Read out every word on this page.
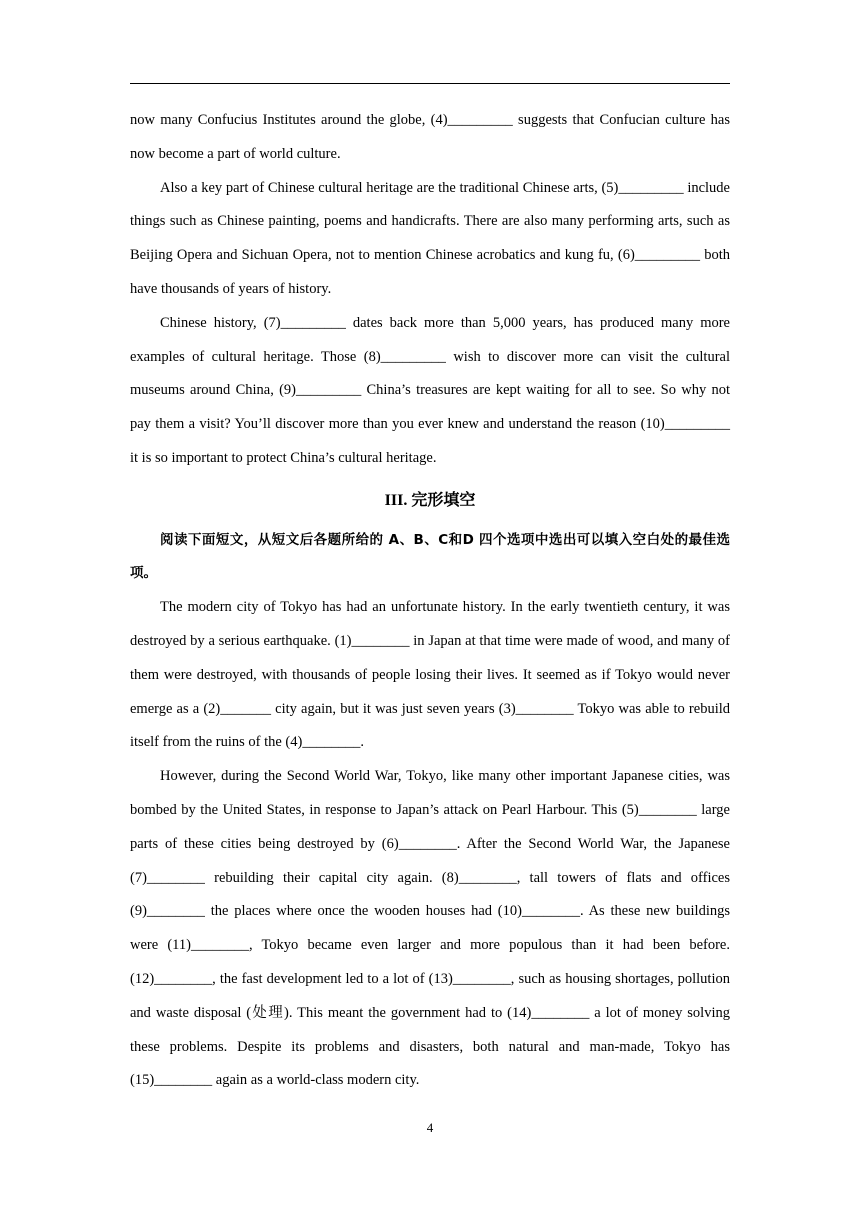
now many Confucius Institutes around the globe, (4)_________ suggests that Confucian culture has now become a part of world culture.

Also a key part of Chinese cultural heritage are the traditional Chinese arts, (5)_________ include things such as Chinese painting, poems and handicrafts. There are also many performing arts, such as Beijing Opera and Sichuan Opera, not to mention Chinese acrobatics and kung fu, (6)_________ both have thousands of years of history.

Chinese history, (7)_________ dates back more than 5,000 years, has produced many more examples of cultural heritage. Those (8)_________ wish to discover more can visit the cultural museums around China, (9)_________ China’s treasures are kept waiting for all to see. So why not pay them a visit? You’ll discover more than you ever knew and understand the reason (10)_________ it is so important to protect China’s cultural heritage.

III. 完形填空

阅读下面短文，从短文后各题所给的 A、B、C和D 四个选项中选出可以填入空白处的最佳选项。

The modern city of Tokyo has had an unfortunate history. In the early twentieth century, it was destroyed by a serious earthquake. (1)________ in Japan at that time were made of wood, and many of them were destroyed, with thousands of people losing their lives. It seemed as if Tokyo would never emerge as a (2)_______ city again, but it was just seven years (3)________ Tokyo was able to rebuild itself from the ruins of the (4)________.

However, during the Second World War, Tokyo, like many other important Japanese cities, was bombed by the United States, in response to Japan’s attack on Pearl Harbour. This (5)________ large parts of these cities being destroyed by (6)________. After the Second World War, the Japanese (7)________ rebuilding their capital city again. (8)________, tall towers of flats and offices (9)________ the places where once the wooden houses had (10)________. As these new buildings were (11)________, Tokyo became even larger and more populous than it had been before. (12)________, the fast development led to a lot of (13)________, such as housing shortages, pollution and waste disposal (处理). This meant the government had to (14)________ a lot of money solving these problems. Despite its problems and disasters, both natural and man-made, Tokyo has (15)________ again as a world-class modern city.

4
